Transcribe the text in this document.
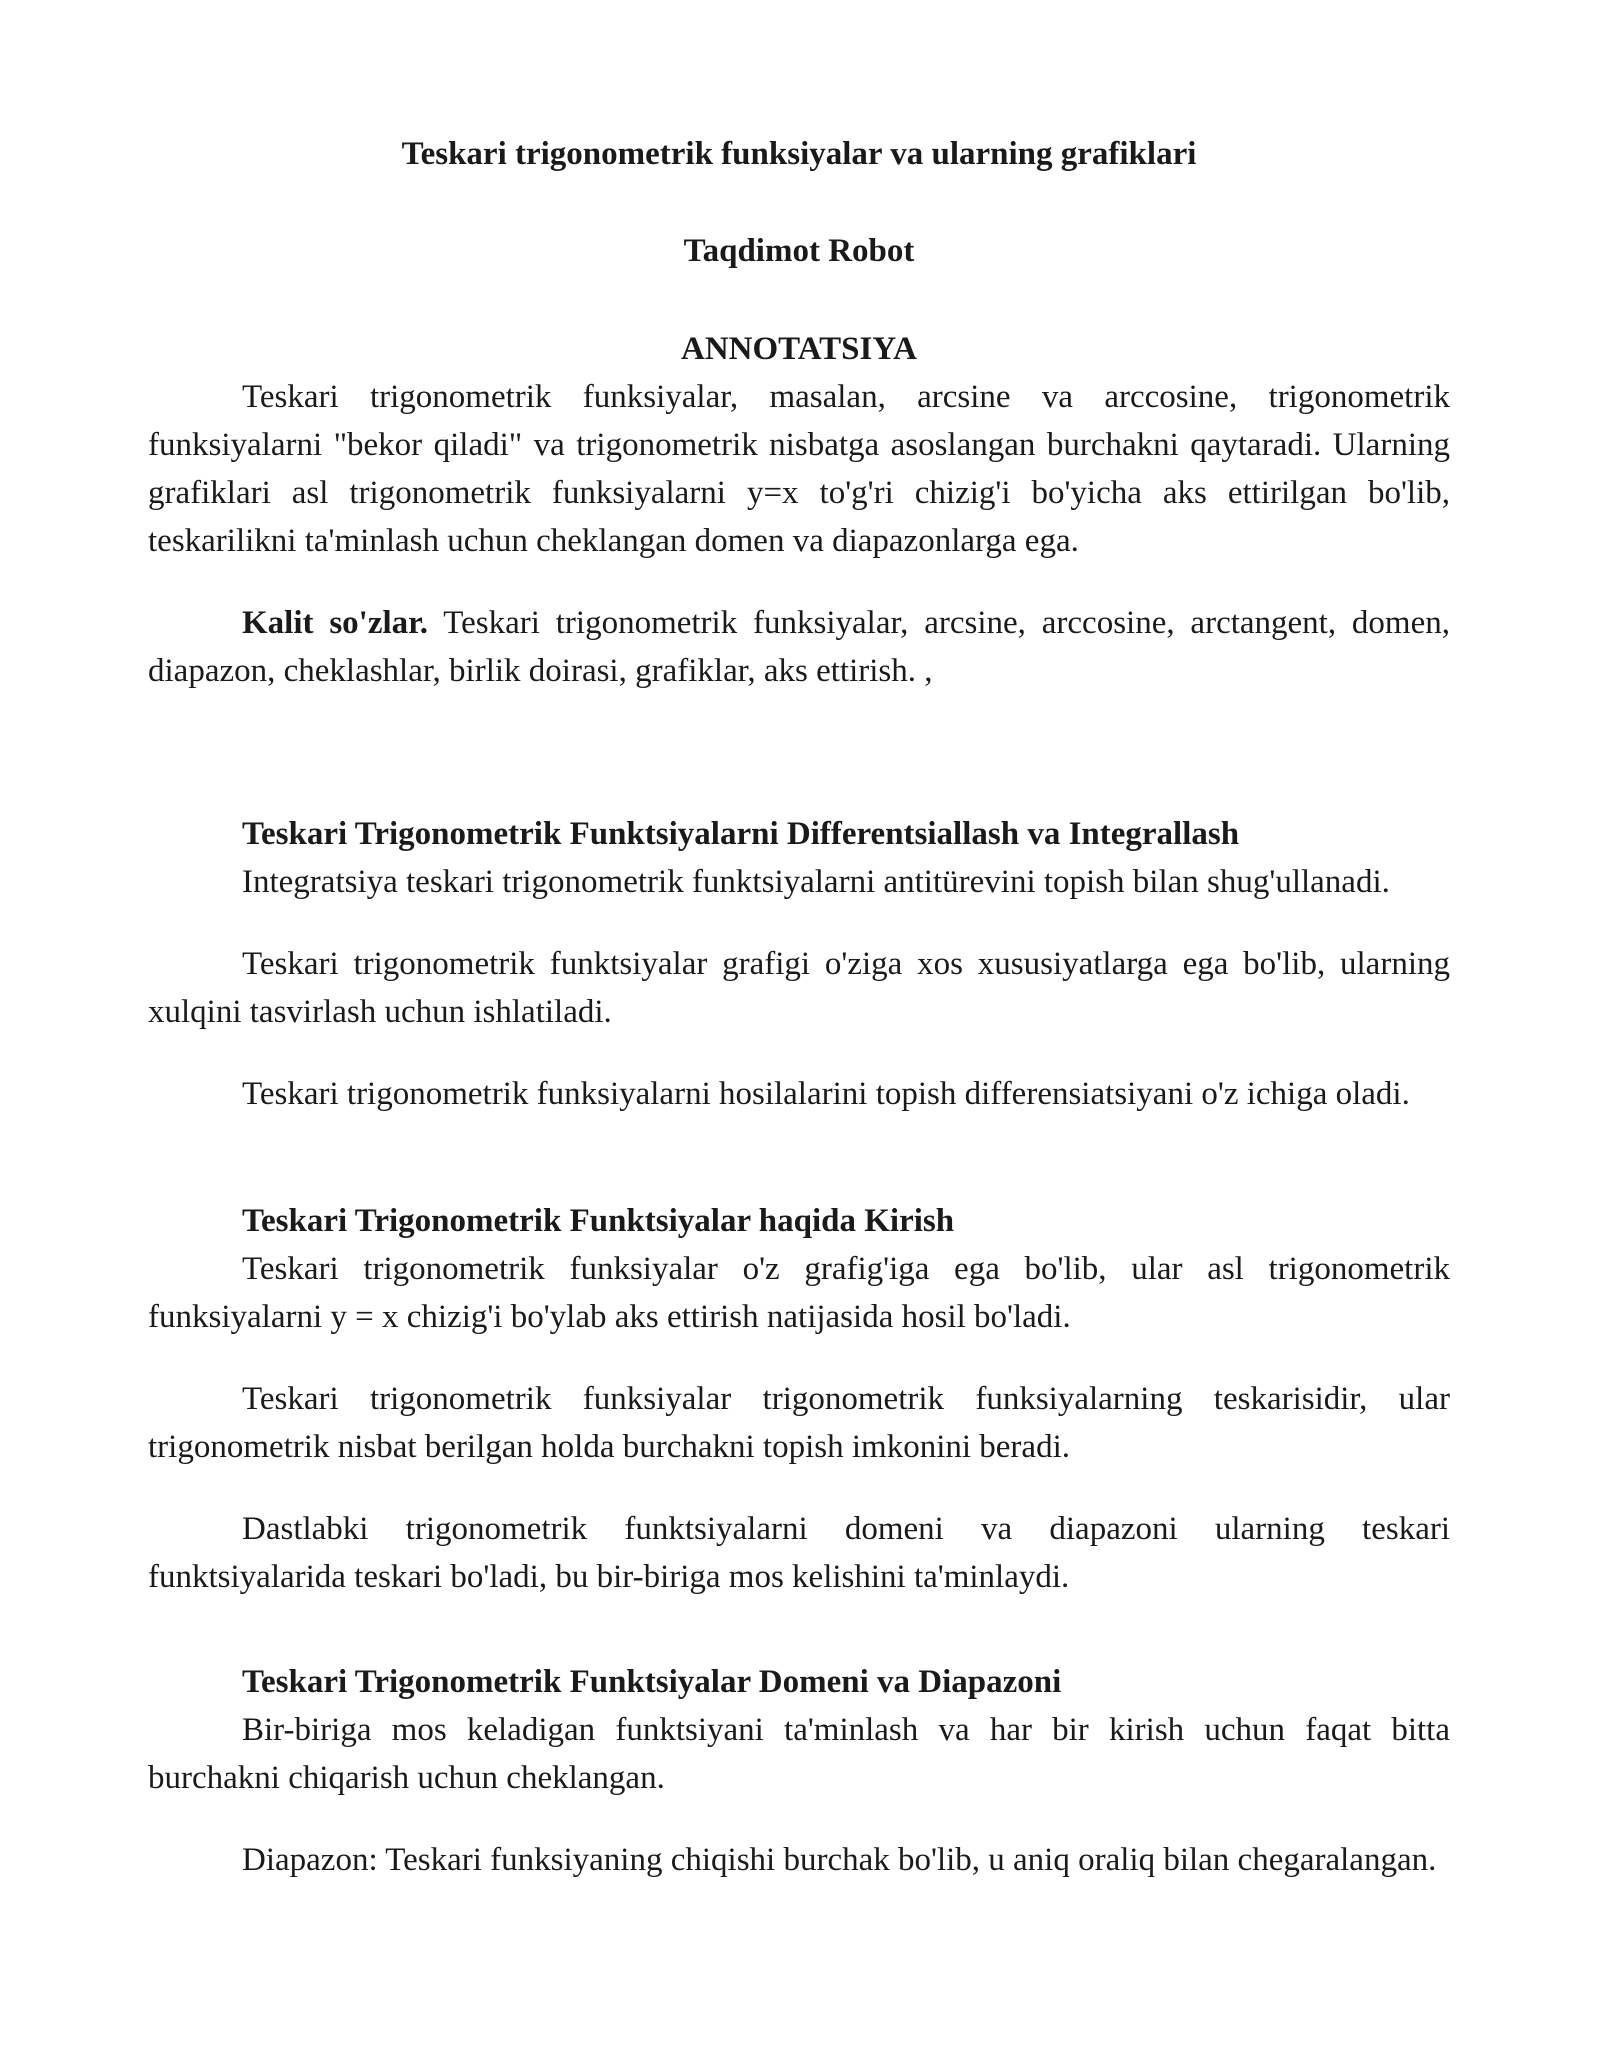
Teskari trigonometrik funksiyalar va ularning grafiklari
Taqdimot Robot
ANNOTATSIYA

Teskari trigonometrik funksiyalar, masalan, arcsine va arccosine, trigonometrik funksiyalarni "bekor qiladi" va trigonometrik nisbatga asoslangan burchakni qaytaradi. Ularning grafiklari asl trigonometrik funksiyalarni y=x to'g'ri chizig'i bo'yicha aks ettirilgan bo'lib, teskarilikni ta'minlash uchun cheklangan domen va diapazonlarga ega.

Kalit so'zlar. Teskari trigonometrik funksiyalar, arcsine, arccosine, arctangent, domen, diapazon, cheklashlar, birlik doirasi, grafiklar, aks ettirish. ,

Teskari Trigonometrik Funktsiyalarni Differentsiallash va Integrallash

Integratsiya teskari trigonometrik funktsiyalarni antitürevini topish bilan shug'ullanadi.

Teskari trigonometrik funktsiyalar grafigi o'ziga xos xususiyatlarga ega bo'lib, ularning xulqini tasvirlash uchun ishlatiladi.

Teskari trigonometrik funksiyalarni hosilalarini topish differensiatsiyani o'z ichiga oladi.

Teskari Trigonometrik Funktsiyalar haqida Kirish

Teskari trigonometrik funksiyalar o'z grafig'iga ega bo'lib, ular asl trigonometrik funksiyalarni y = x chizig'i bo'ylab aks ettirish natijasida hosil bo'ladi.

Teskari trigonometrik funksiyalar trigonometrik funksiyalarning teskarisidir, ular trigonometrik nisbat berilgan holda burchakni topish imkonini beradi.

Dastlabki trigonometrik funktsiyalarni domeni va diapazoni ularning teskari funktsiyalarida teskari bo'ladi, bu bir-biriga mos kelishini ta'minlaydi.

Teskari Trigonometrik Funktsiyalar Domeni va Diapazoni

Bir-biriga mos keladigan funktsiyani ta'minlash va har bir kirish uchun faqat bitta burchakni chiqarish uchun cheklangan.

Diapazon: Teskari funksiyaning chiqishi burchak bo'lib, u aniq oraliq bilan chegaralangan.
